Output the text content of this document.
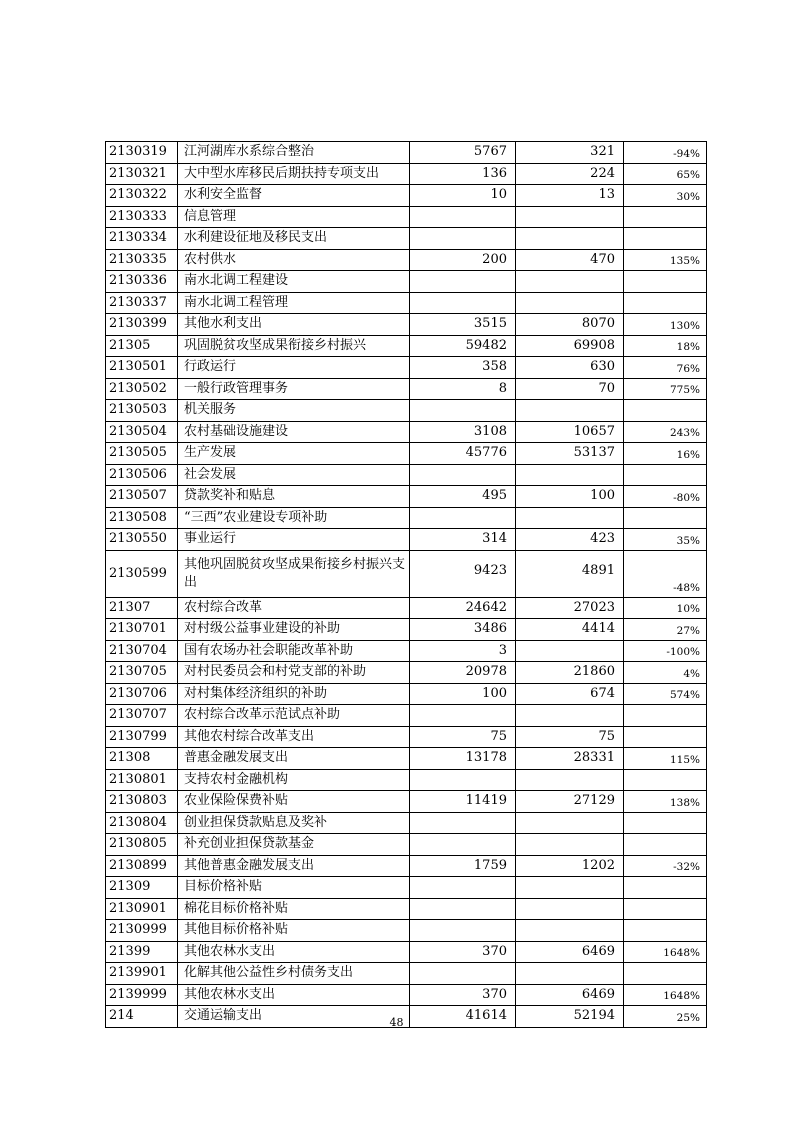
2130319	江河湖库水系综合整治	5767	321	-94%
2130321	大中型水库移民后期扶持专项支出	136	224	65%
2130322	水利安全监督	10	13	30%
2130333	信息管理			
2130334	水利建设征地及移民支出			
2130335	农村供水	200	470	135%
2130336	南水北调工程建设			
2130337	南水北调工程管理			
2130399	其他水利支出	3515	8070	130%
21305	巩固脱贫攻坚成果衔接乡村振兴	59482	69908	18%
2130501	行政运行	358	630	76%
2130502	一般行政管理事务	8	70	775%
2130503	机关服务			
2130504	农村基础设施建设	3108	10657	243%
2130505	生产发展	45776	53137	16%
2130506	社会发展			
2130507	贷款奖补和贴息	495	100	-80%
2130508	“三西”农业建设专项补助			
2130550	事业运行	314	423	35%
2130599	其他巩固脱贫攻坚成果衔接乡村振兴支出	9423	4891	-48%
21307	农村综合改革	24642	27023	10%
2130701	对村级公益事业建设的补助	3486	4414	27%
2130704	国有农场办社会职能改革补助	3		-100%
2130705	对村民委员会和村党支部的补助	20978	21860	4%
2130706	对村集体经济组织的补助	100	674	574%
2130707	农村综合改革示范试点补助			
2130799	其他农村综合改革支出	75	75	
21308	普惠金融发展支出	13178	28331	115%
2130801	支持农村金融机构			
2130803	农业保险保费补贴	11419	27129	138%
2130804	创业担保贷款贴息及奖补			
2130805	补充创业担保贷款基金			
2130899	其他普惠金融发展支出	1759	1202	-32%
21309	目标价格补贴			
2130901	棉花目标价格补贴			
2130999	其他目标价格补贴			
21399	其他农林水支出	370	6469	1648%
2139901	化解其他公益性乡村债务支出			
2139999	其他农林水支出	370	6469	1648%
214	交通运输支出	41614	52194	25%
48
